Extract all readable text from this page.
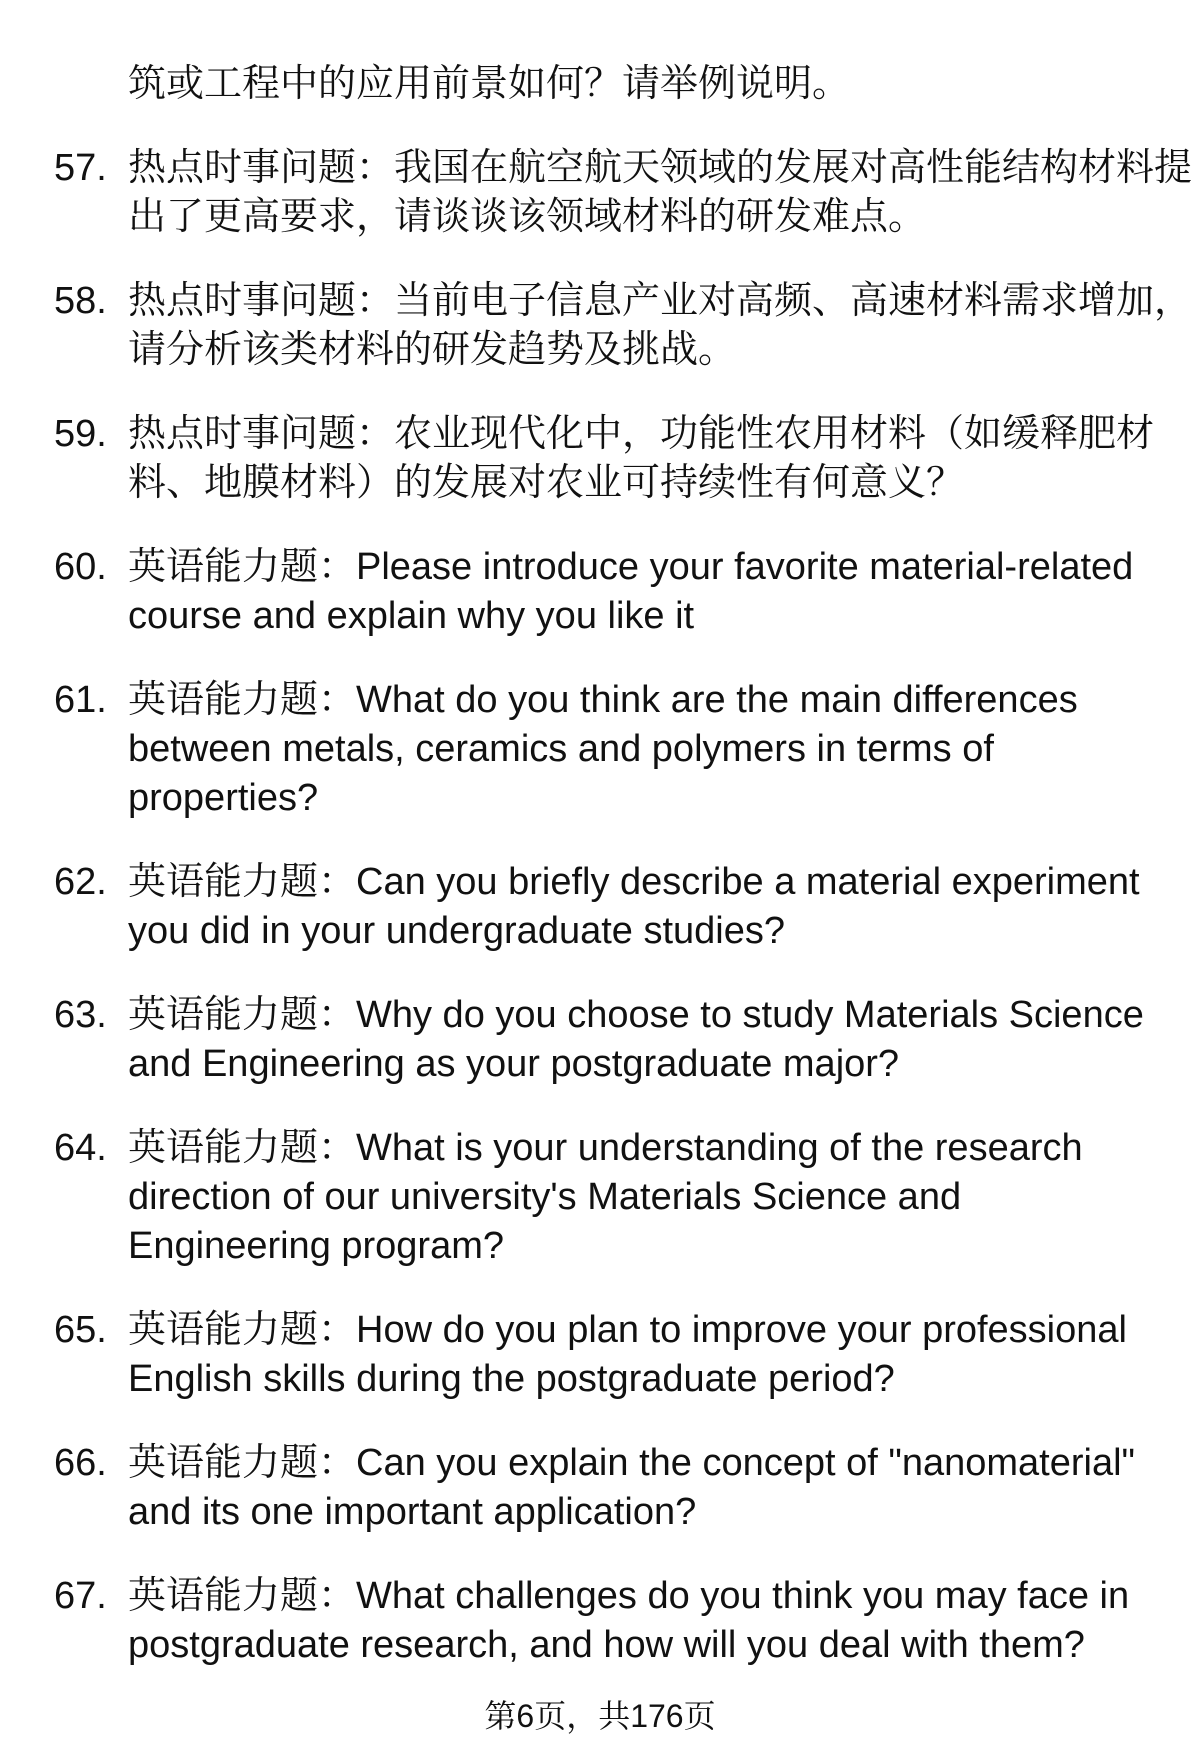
筑或工程中的应用前景如何？请举例说明。
57. 热点时事问题：我国在航空航天领域的发展对高性能结构材料提
出了更高要求，请谈谈该领域材料的研发难点。
58. 热点时事问题：当前电子信息产业对高频、高速材料需求增加，
请分析该类材料的研发趋势及挑战。
59. 热点时事问题：农业现代化中，功能性农用材料（如缓释肥材
料、地膜材料）的发展对农业可持续性有何意义？
60. 英语能力题：Please introduce your favorite material-related
course and explain why you like it
61. 英语能力题：What do you think are the main differences
between metals, ceramics and polymers in terms of
properties?
62. 英语能力题：Can you briefly describe a material experiment
you did in your undergraduate studies?
63. 英语能力题：Why do you choose to study Materials Science
and Engineering as your postgraduate major?
64. 英语能力题：What is your understanding of the research
direction of our university's Materials Science and
Engineering program?
65. 英语能力题：How do you plan to improve your professional
English skills during the postgraduate period?
66. 英语能力题：Can you explain the concept of "nanomaterial"
and its one important application?
67. 英语能力题：What challenges do you think you may face in
postgraduate research, and how will you deal with them?
第6页，共176页
